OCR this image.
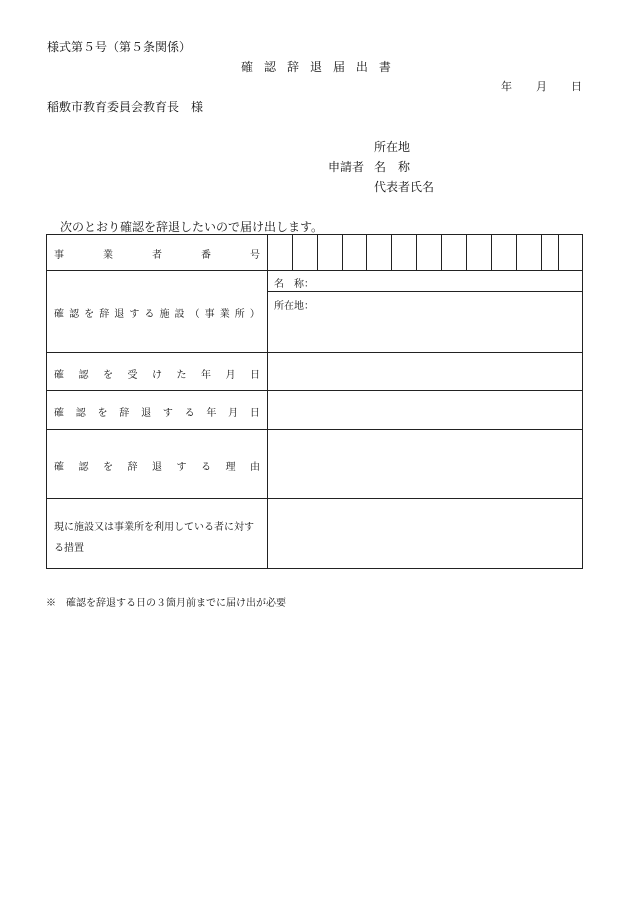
様式第５号（第５条関係）
確 認 辞 退 届 出 書
年 月 日
稲敷市教育委員会教育長　様
所在地
申請者 名　称
代表者氏名
次のとおり確認を辞退したいので届け出します。
事	業	者	番	号
確 認 を 辞 退 す る 施 設 （ 事 業 所 ）
名　称：
所在地：
確 認 を 受 け た 年 月 日
確 認 を 辞 退 す る 年 月 日
確 認 を 辞 退 す る 理 由
現に施設又は事業所を利用している者に対す
る措置
※　確認を辞退する日の３箇月前までに届け出が必要
